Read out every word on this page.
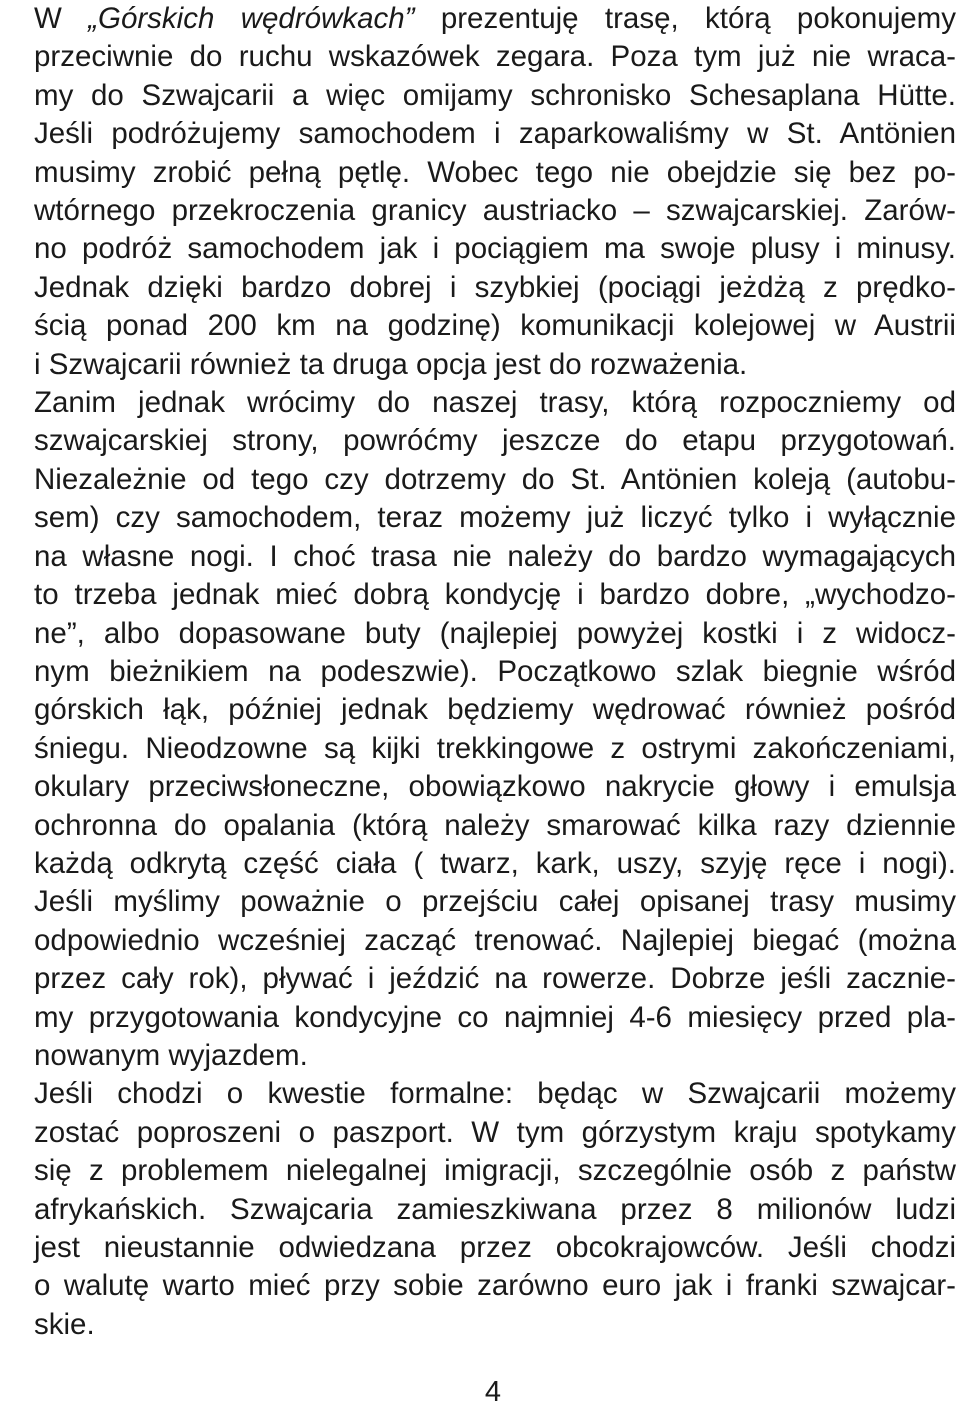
W „Górskich wędrówkach” prezentuję trasę, którą pokonujemy
przeciwnie do ruchu wskazówek zegara. Poza tym już nie wraca-
my do Szwajcarii a więc omijamy schronisko Schesaplana Hütte.
Jeśli podróżujemy samochodem i zaparkowaliśmy w St. Antönien
musimy zrobić pełną pętlę. Wobec tego nie obejdzie się bez po-
wtórnego przekroczenia granicy austriacko – szwajcarskiej. Zarów-
no podróż samochodem jak i pociągiem ma swoje plusy i minusy.
Jednak dzięki bardzo dobrej i szybkiej (pociągi jeżdżą z prędko-
ścią ponad 200 km na godzinę) komunikacji kolejowej w Austrii
i Szwajcarii również ta druga opcja jest do rozważenia.

Zanim jednak wrócimy do naszej trasy, którą rozpoczniemy od
szwajcarskiej strony, powróćmy jeszcze do etapu przygotowań.
Niezależnie od tego czy dotrzemy do St. Antönien koleją (autobu-
sem) czy samochodem, teraz możemy już liczyć tylko i wyłącznie
na własne nogi. I choć trasa nie należy do bardzo wymagających
to trzeba jednak mieć dobrą kondycję i bardzo dobre, „wychodzo-
ne”, albo dopasowane buty (najlepiej powyżej kostki i z widocz-
nym bieżnikiem na podeszwie). Początkowo szlak biegnie wśród
górskich łąk, później jednak będziemy wędrować również pośród
śniegu. Nieodzowne są kijki trekkingowe z ostrymi zakończeniami,
okulary przeciwsłoneczne, obowiązkowo nakrycie głowy i emulsja
ochronna do opalania (którą należy smarować kilka razy dziennie
każdą odkrytą część ciała ( twarz, kark, uszy, szyję ręce i nogi).
Jeśli myślimy poważnie o przejściu całej opisanej trasy musimy
odpowiednio wcześniej zacząć trenować. Najlepiej biegać (można
przez cały rok), pływać i jeździć na rowerze. Dobrze jeśli zacznie-
my przygotowania kondycyjne co najmniej 4-6 miesięcy przed pla-
nowanym wyjazdem.

Jeśli chodzi o kwestie formalne: będąc w Szwajcarii możemy
zostać poproszeni o paszport. W tym górzystym kraju spotykamy
się z problemem nielegalnej imigracji, szczególnie osób z państw
afrykańskich. Szwajcaria zamieszkiwana przez 8 milionów ludzi
jest nieustannie odwiedzana przez obcokrajowców. Jeśli chodzi
o walutę warto mieć przy sobie zarówno euro jak i franki szwajcar-
skie.

4
